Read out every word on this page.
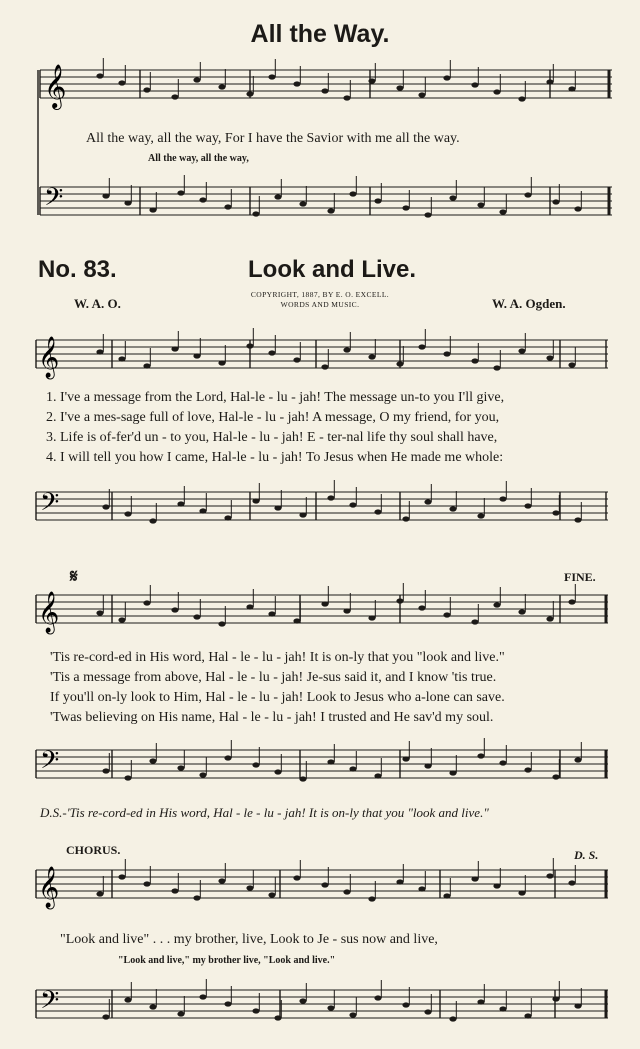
All the Way.
𝄞
All the way, all the way, For I have the Savior with me all the way.
All the way, all the way,
𝄢
No. 83.	Look and Live.
W. A. O.	W. A. Ogden.
COPYRIGHT, 1887, BY E. O. EXCELL.
WORDS AND MUSIC.
𝄞
1. I've a message from the Lord, Hal-le - lu - jah! The message un-to you I'll give,
2. I've a mes-sage full of love, Hal-le - lu - jah! A message, O my friend, for you,
3. Life is of-fer'd un - to you, Hal-le - lu - jah! E - ter-nal life thy soul shall have,
4. I will tell you how I came, Hal-le - lu - jah! To Jesus when He made me whole:
𝄢
𝄋	FINE.
𝄞
'Tis re-cord-ed in His word, Hal - le - lu - jah! It is on-ly that you "look and live."
'Tis a message from above, Hal - le - lu - jah! Je-sus said it, and I know 'tis true.
If you'll on-ly look to Him, Hal - le - lu - jah! Look to Jesus who a-lone can save.
'Twas believing on His name, Hal - le - lu - jah! I trusted and He sav'd my soul.
𝄢
D.S.-'Tis re-cord-ed in His word, Hal - le - lu - jah! It is on-ly that you "look and live."
CHORUS.	D. S.
𝄞
"Look and live" . . . my brother, live, Look to Je - sus now and live,
"Look and live," my brother live, "Look and live."
𝄢
